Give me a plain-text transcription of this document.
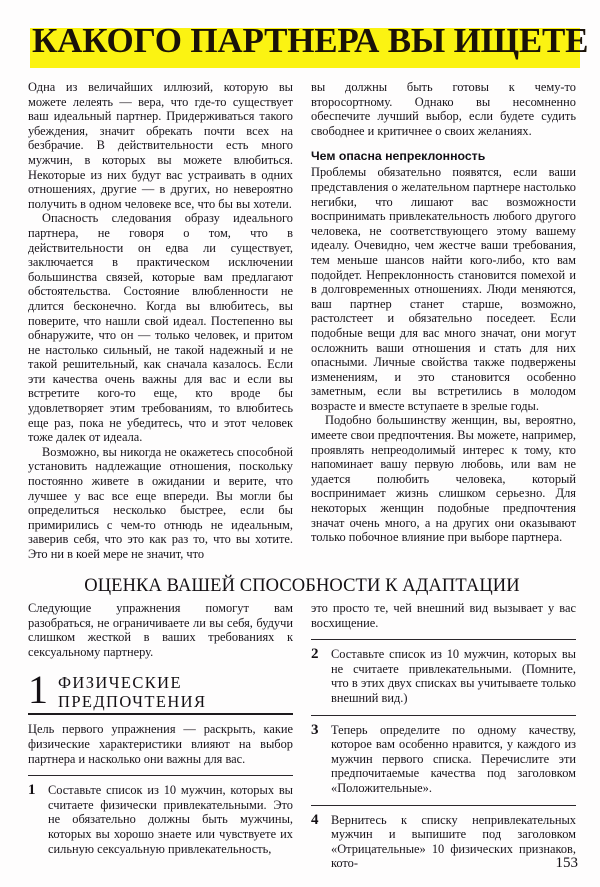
КАКОГО ПАРТНЕРА ВЫ ИЩЕТЕ

Одна из величайших иллюзий, которую вы можете лелеять — вера, что где-то существует ваш идеальный партнер. Придерживаться такого убеждения, значит обрекать почти всех на безбрачие. В действительности есть много мужчин, в которых вы можете влюбиться. Некоторые из них будут вас устраивать в одних отношениях, другие — в других, но невероятно получить в одном человеке все, что бы вы хотели.

Опасность следования образу идеального партнера, не говоря о том, что в действительности он едва ли существует, заключается в практическом исключении большинства связей, которые вам предлагают обстоятельства. Состояние влюбленности не длится бесконечно. Когда вы влюбитесь, вы поверите, что нашли свой идеал. Постепенно вы обнаружите, что он — только человек, и притом не настолько сильный, не такой надежный и не такой решительный, как сначала казалось. Если эти качества очень важны для вас и если вы встретите кого-то еще, кто вроде бы удовлетворяет этим требованиям, то влюбитесь еще раз, пока не убедитесь, что и этот человек тоже далек от идеала.

Возможно, вы никогда не окажетесь способной установить надлежащие отношения, поскольку постоянно живете в ожидании и верите, что лучшее у вас все еще впереди. Вы могли бы определиться несколько быстрее, если бы примирились с чем-то отнюдь не идеальным, заверив себя, что это как раз то, что вы хотите. Это ни в коей мере не значит, что

вы должны быть готовы к чему-то второсортному. Однако вы несомненно обеспечите лучший выбор, если будете судить свободнее и критичнее о своих желаниях.

Чем опасна непреклонность

Проблемы обязательно появятся, если ваши представления о желательном партнере настолько негибки, что лишают вас возможности воспринимать привлекательность любого другого человека, не соответствующего этому вашему идеалу. Очевидно, чем жестче ваши требования, тем меньше шансов найти кого-либо, кто вам подойдет. Непреклонность становится помехой и в долговременных отношениях. Люди меняются, ваш партнер станет старше, возможно, растолстеет и обязательно поседеет. Если подобные вещи для вас много значат, они могут осложнить ваши отношения и стать для них опасными. Личные свойства также подвержены изменениям, и это становится особенно заметным, если вы встретились в молодом возрасте и вместе вступаете в зрелые годы.

Подобно большинству женщин, вы, вероятно, имеете свои предпочтения. Вы можете, например, проявлять непреодолимый интерес к тому, кто напоминает вашу первую любовь, или вам не удается полюбить человека, который воспринимает жизнь слишком серьезно. Для некоторых женщин подобные предпочтения значат очень много, а на других они оказывают только побочное влияние при выборе партнера.

ОЦЕНКА ВАШЕЙ СПОСОБНОСТИ К АДАПТАЦИИ

Следующие упражнения помогут вам разобраться, не ограничиваете ли вы себя, будучи слишком жесткой в ваших требованиях к сексуальному партнеру.

1 ФИЗИЧЕСКИЕ
ПРЕДПОЧТЕНИЯ

Цель первого упражнения — раскрыть, какие физические характеристики влияют на выбор партнера и насколько они важны для вас.

1	Составьте список из 10 мужчин, которых вы считаете физически привлекательными. Это не обязательно должны быть мужчины, которых вы хорошо знаете или чувствуете их сильную сексуальную привлекательность,

это просто те, чей внешний вид вызывает у вас восхищение.

2	Составьте список из 10 мужчин, которых вы не считаете привлекательными. (Помните, что в этих двух списках вы учитываете только внешний вид.)
3	Теперь определите по одному качеству, которое вам особенно нравится, у каждого из мужчин первого списка. Перечислите эти предпочитаемые качества под заголовком «Положительные».
4	Вернитесь к списку непривлекательных мужчин и выпишите под заголовком «Отрицательные» 10 физических признаков, кото-	153
